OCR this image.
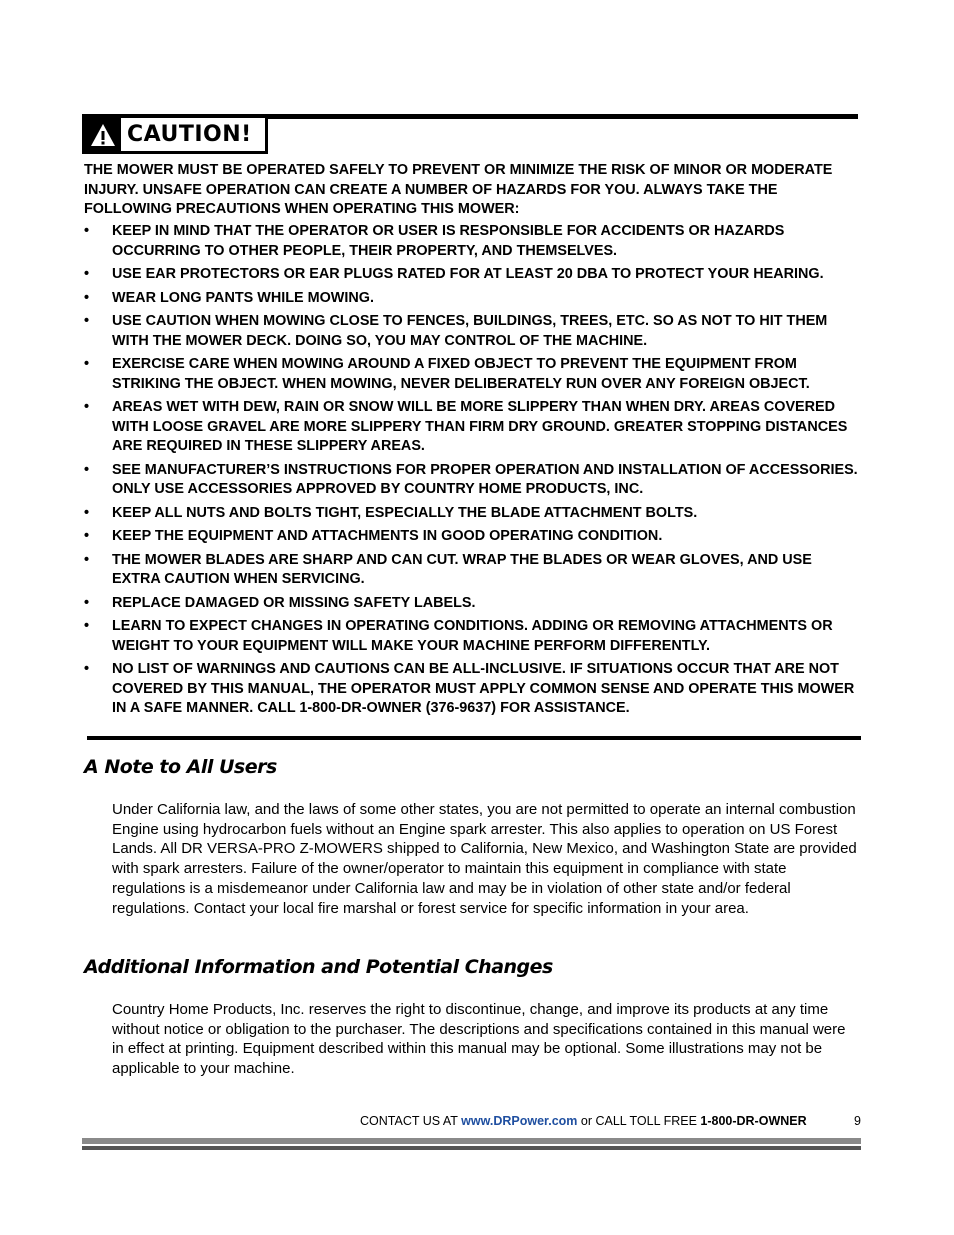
CAUTION!
THE MOWER MUST BE OPERATED SAFELY TO PREVENT OR MINIMIZE THE RISK OF MINOR OR MODERATE INJURY. UNSAFE OPERATION CAN CREATE A NUMBER OF HAZARDS FOR YOU. ALWAYS TAKE THE FOLLOWING PRECAUTIONS WHEN OPERATING THIS MOWER:
• KEEP IN MIND THAT THE OPERATOR OR USER IS RESPONSIBLE FOR ACCIDENTS OR HAZARDS OCCURRING TO OTHER PEOPLE, THEIR PROPERTY, AND THEMSELVES.
• USE EAR PROTECTORS OR EAR PLUGS RATED FOR AT LEAST 20 DBA TO PROTECT YOUR HEARING.
• WEAR LONG PANTS WHILE MOWING.
• USE CAUTION WHEN MOWING CLOSE TO FENCES, BUILDINGS, TREES, ETC. SO AS NOT TO HIT THEM WITH THE MOWER DECK. DOING SO, YOU MAY CONTROL OF THE MACHINE.
• EXERCISE CARE WHEN MOWING AROUND A FIXED OBJECT TO PREVENT THE EQUIPMENT FROM STRIKING THE OBJECT. WHEN MOWING, NEVER DELIBERATELY RUN OVER ANY FOREIGN OBJECT.
• AREAS WET WITH DEW, RAIN OR SNOW WILL BE MORE SLIPPERY THAN WHEN DRY. AREAS COVERED WITH LOOSE GRAVEL ARE MORE SLIPPERY THAN FIRM DRY GROUND. GREATER STOPPING DISTANCES ARE REQUIRED IN THESE SLIPPERY AREAS.
• SEE MANUFACTURER’S INSTRUCTIONS FOR PROPER OPERATION AND INSTALLATION OF ACCESSORIES. ONLY USE ACCESSORIES APPROVED BY COUNTRY HOME PRODUCTS, INC.
• KEEP ALL NUTS AND BOLTS TIGHT, ESPECIALLY THE BLADE ATTACHMENT BOLTS.
• KEEP THE EQUIPMENT AND ATTACHMENTS IN GOOD OPERATING CONDITION.
• THE MOWER BLADES ARE SHARP AND CAN CUT. WRAP THE BLADES OR WEAR GLOVES, AND USE EXTRA CAUTION WHEN SERVICING.
• REPLACE DAMAGED OR MISSING SAFETY LABELS.
• LEARN TO EXPECT CHANGES IN OPERATING CONDITIONS. ADDING OR REMOVING ATTACHMENTS OR WEIGHT TO YOUR EQUIPMENT WILL MAKE YOUR MACHINE PERFORM DIFFERENTLY.
• NO LIST OF WARNINGS AND CAUTIONS CAN BE ALL-INCLUSIVE. IF SITUATIONS OCCUR THAT ARE NOT COVERED BY THIS MANUAL, THE OPERATOR MUST APPLY COMMON SENSE AND OPERATE THIS MOWER IN A SAFE MANNER. CALL 1-800-DR-OWNER (376-9637) FOR ASSISTANCE.
A Note to All Users

Under California law, and the laws of some other states, you are not permitted to operate an internal combustion Engine using hydrocarbon fuels without an Engine spark arrester. This also applies to operation on US Forest Lands. All DR VERSA-PRO Z-MOWERS shipped to California, New Mexico, and Washington State are provided with spark arresters. Failure of the owner/operator to maintain this equipment in compliance with state regulations is a misdemeanor under California law and may be in violation of other state and/or federal regulations. Contact your local fire marshal or forest service for specific information in your area.

Additional Information and Potential Changes

Country Home Products, Inc. reserves the right to discontinue, change, and improve its products at any time without notice or obligation to the purchaser. The descriptions and specifications contained in this manual were in effect at printing. Equipment described within this manual may be optional. Some illustrations may not be applicable to your machine.

CONTACT US AT www.DRPower.com or CALL TOLL FREE 1-800-DR-OWNER	9
